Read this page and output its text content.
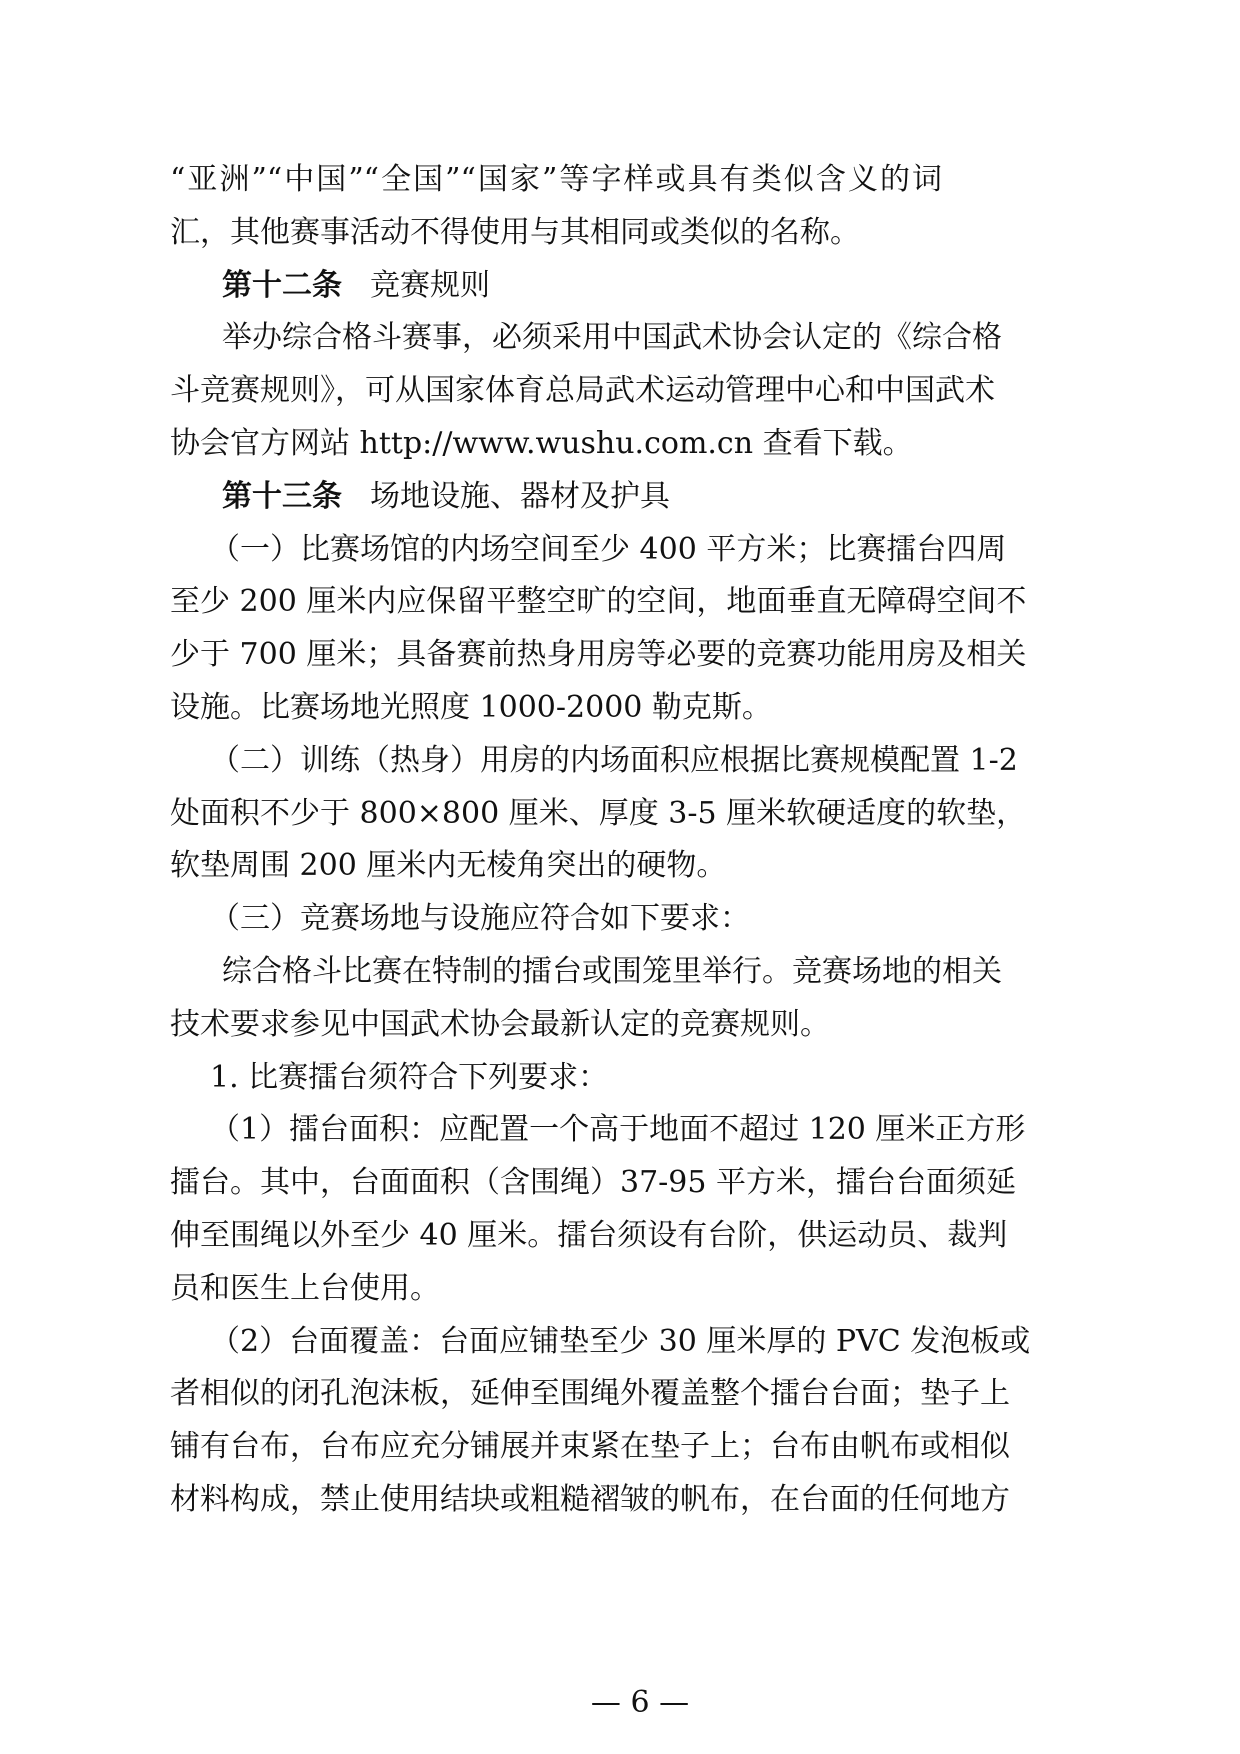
“亚洲”“中国”“全国”“国家”等字样或具有类似含义的词
汇，其他赛事活动不得使用与其相同或类似的名称。
第十二条 竞赛规则
举办综合格斗赛事，必须采用中国武术协会认定的《综合格
斗竞赛规则》，可从国家体育总局武术运动管理中心和中国武术
协会官方网站 http://www.wushu.com.cn 查看下载。
第十三条 场地设施、器材及护具
（一）比赛场馆的内场空间至少 400 平方米；比赛擂台四周
至少 200 厘米内应保留平整空旷的空间，地面垂直无障碍空间不
少于 700 厘米；具备赛前热身用房等必要的竞赛功能用房及相关
设施。比赛场地光照度 1000-2000 勒克斯。
（二）训练（热身）用房的内场面积应根据比赛规模配置 1-2
处面积不少于 800×800 厘米、厚度 3-5 厘米软硬适度的软垫，
软垫周围 200 厘米内无棱角突出的硬物。
（三）竞赛场地与设施应符合如下要求：
综合格斗比赛在特制的擂台或围笼里举行。竞赛场地的相关
技术要求参见中国武术协会最新认定的竞赛规则。
1. 比赛擂台须符合下列要求：
（1）擂台面积：应配置一个高于地面不超过 120 厘米正方形
擂台。其中，台面面积（含围绳）37-95 平方米，擂台台面须延
伸至围绳以外至少 40 厘米。擂台须设有台阶，供运动员、裁判
员和医生上台使用。
（2）台面覆盖：台面应铺垫至少 30 厘米厚的 PVC 发泡板或
者相似的闭孔泡沫板，延伸至围绳外覆盖整个擂台台面；垫子上
铺有台布，台布应充分铺展并束紧在垫子上；台布由帆布或相似
材料构成，禁止使用结块或粗糙褶皱的帆布，在台面的任何地方
— 6 —
